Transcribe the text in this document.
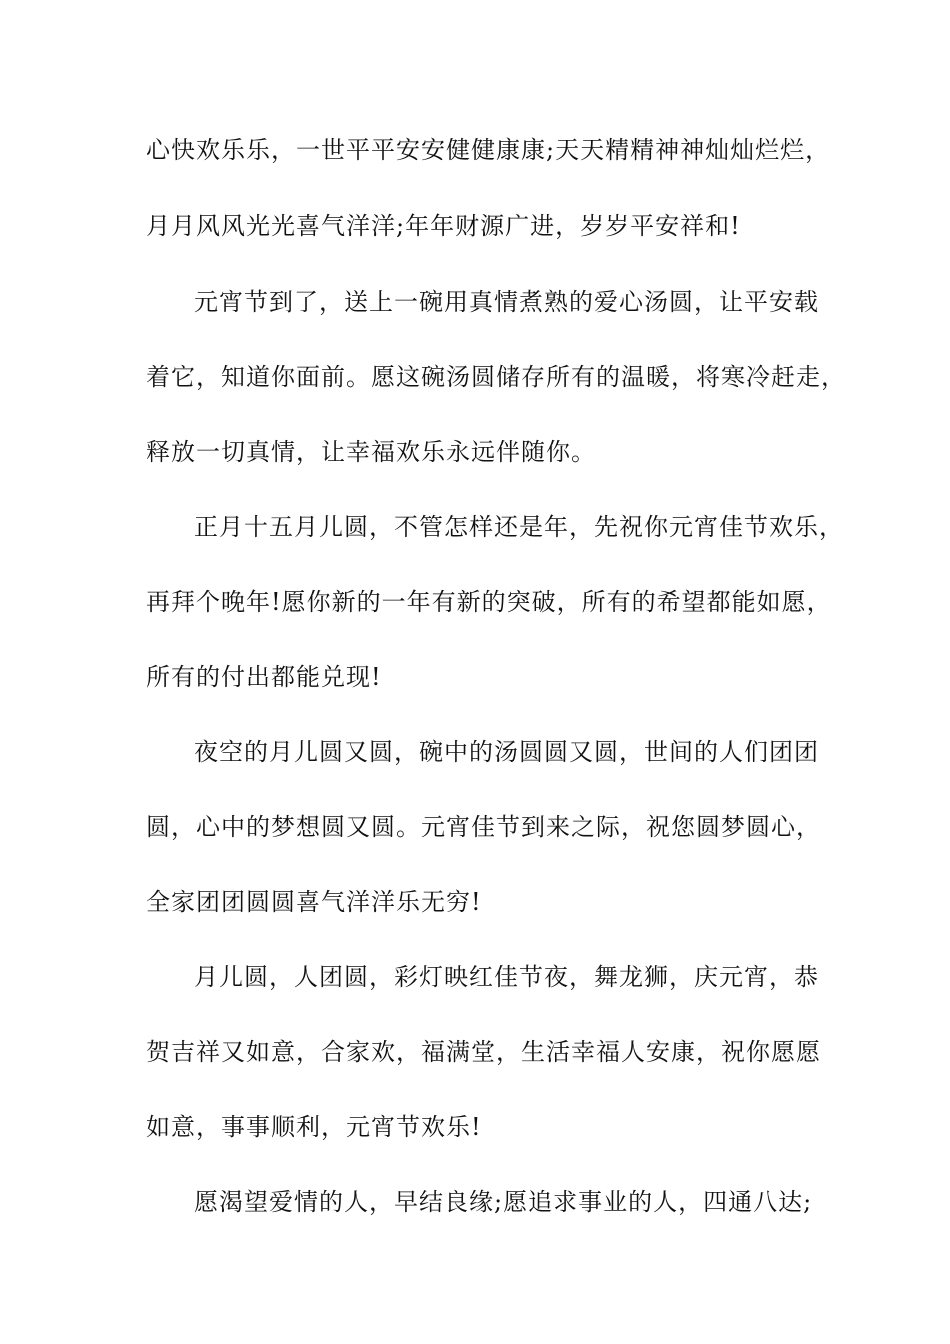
心快欢乐乐，一世平平安安健健康康;天天精精神神灿灿烂烂，
月月风风光光喜气洋洋;年年财源广进，岁岁平安祥和!
元宵节到了，送上一碗用真情煮熟的爱心汤圆，让平安载
着它，知道你面前。愿这碗汤圆储存所有的温暖，将寒冷赶走，
释放一切真情，让幸福欢乐永远伴随你。
正月十五月儿圆，不管怎样还是年，先祝你元宵佳节欢乐，
再拜个晚年!愿你新的一年有新的突破，所有的希望都能如愿，
所有的付出都能兑现!
夜空的月儿圆又圆，碗中的汤圆圆又圆，世间的人们团团
圆，心中的梦想圆又圆。元宵佳节到来之际，祝您圆梦圆心，
全家团团圆圆喜气洋洋乐无穷!
月儿圆，人团圆，彩灯映红佳节夜，舞龙狮，庆元宵，恭
贺吉祥又如意，合家欢，福满堂，生活幸福人安康，祝你愿愿
如意，事事顺利，元宵节欢乐!
愿渴望爱情的人，早结良缘;愿追求事业的人，四通八达;
